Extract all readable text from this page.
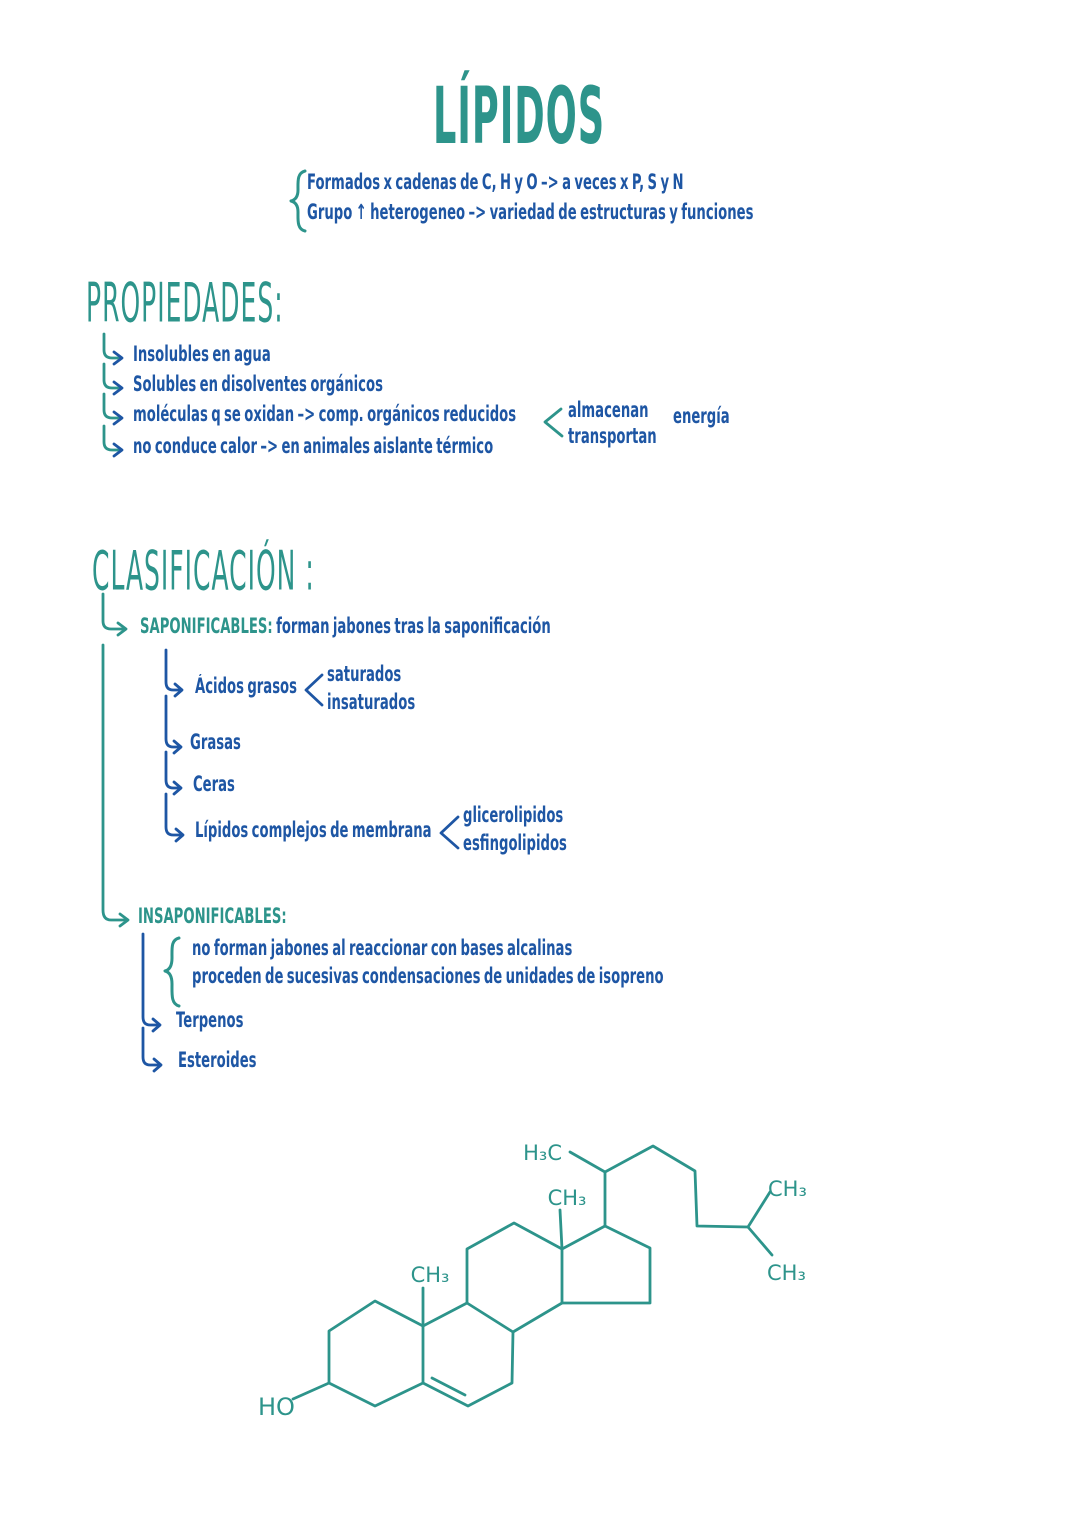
LÍPIDOS
Formados x cadenas de C, H y O –> a veces x P, S y N
Grupo ↑ heterogeneo –> variedad de estructuras y funciones
PROPIEDADES:
Insolubles en agua
Solubles en disolventes orgánicos
moléculas q se oxidan –> comp. orgánicos reducidos
no conduce calor –> en animales aislante térmico
almacenan
transportan
energía
CLASIFICACIÓN :
SAPONIFICABLES: forman jabones tras la saponificación
Ácidos grasos
saturados
insaturados
Grasas
Ceras
Lípidos complejos de membrana
glicerolipidos
esfingolipidos
INSAPONIFICABLES:
no forman jabones al reaccionar con bases alcalinas
proceden de sucesivas condensaciones de unidades de isopreno
Terpenos
Esteroides
HO
CH₃
CH₃
H₃C
CH₃
CH₃
